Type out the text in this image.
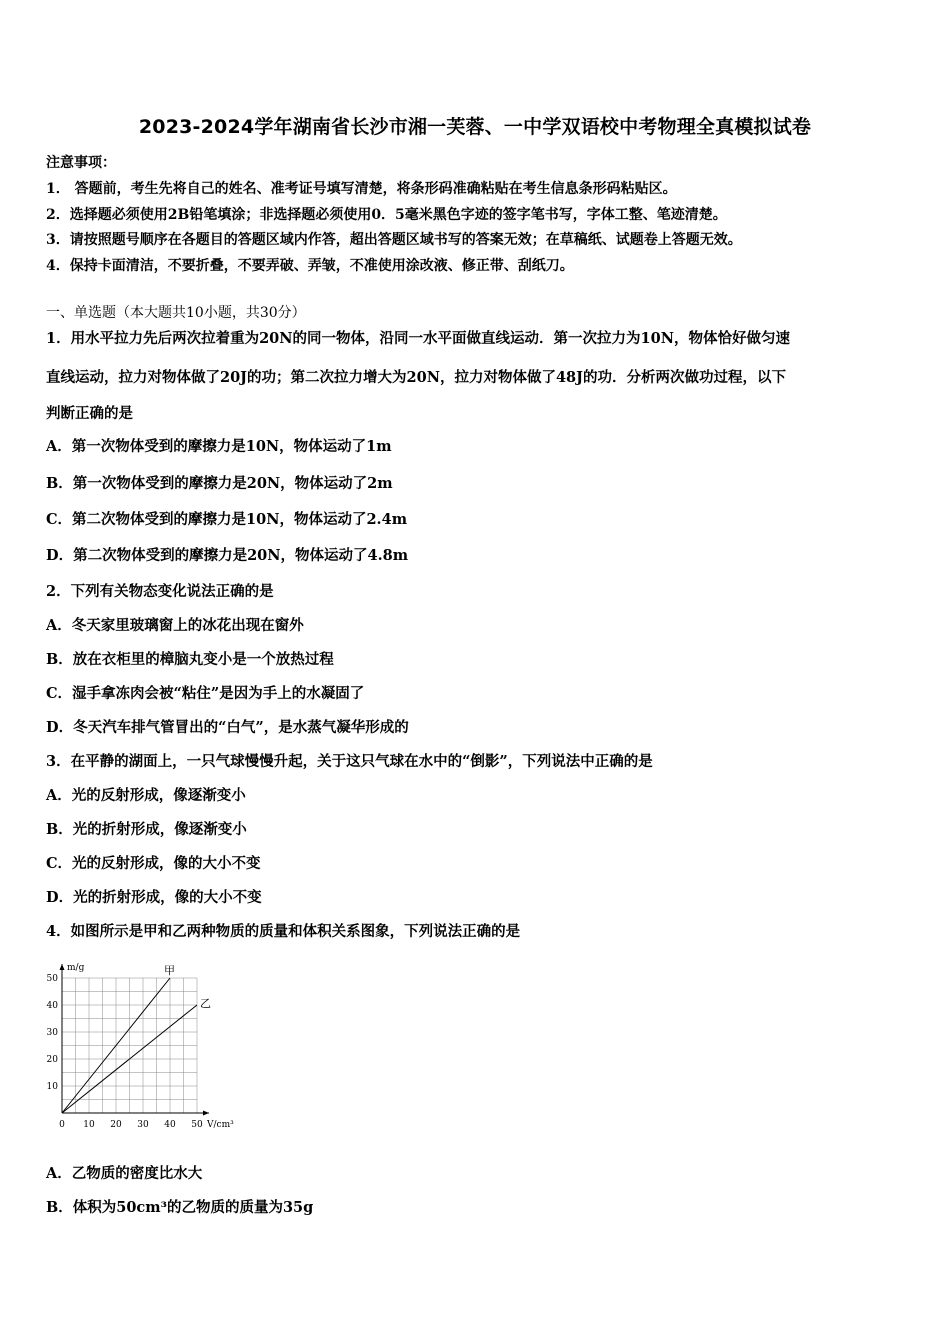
2023-2024学年湖南省长沙市湘一芙蓉、一中学双语校中考物理全真模拟试卷
注意事项：
1． 答题前，考生先将自己的姓名、准考证号填写清楚，将条形码准确粘贴在考生信息条形码粘贴区。
2．选择题必须使用2B铅笔填涂；非选择题必须使用0．5毫米黑色字迹的签字笔书写，字体工整、笔迹清楚。
3．请按照题号顺序在各题目的答题区域内作答，超出答题区域书写的答案无效；在草稿纸、试题卷上答题无效。
4．保持卡面清洁，不要折叠，不要弄破、弄皱，不准使用涂改液、修正带、刮纸刀。
一、单选题（本大题共10小题，共30分）
1．用水平拉力先后两次拉着重为20N的同一物体，沿同一水平面做直线运动．第一次拉力为10N，物体恰好做匀速
直线运动，拉力对物体做了20J的功；第二次拉力增大为20N，拉力对物体做了48J的功．分析两次做功过程，以下
判断正确的是
A．第一次物体受到的摩擦力是10N，物体运动了1m
B．第一次物体受到的摩擦力是20N，物体运动了2m
C．第二次物体受到的摩擦力是10N，物体运动了2.4m
D．第二次物体受到的摩擦力是20N，物体运动了4.8m
2．下列有关物态变化说法正确的是
A．冬天家里玻璃窗上的冰花出现在窗外
B．放在衣柜里的樟脑丸变小是一个放热过程
C．湿手拿冻肉会被“粘住”是因为手上的水凝固了
D．冬天汽车排气管冒出的“白气”，是水蒸气凝华形成的
3．在平静的湖面上，一只气球慢慢升起，关于这只气球在水中的“倒影”，下列说法中正确的是
A．光的反射形成，像逐渐变小
B．光的折射形成，像逐渐变小
C．光的反射形成，像的大小不变
D．光的折射形成，像的大小不变
4．如图所示是甲和乙两种物质的质量和体积关系图象，下列说法正确的是
甲
乙
0 10 20 30 40 50
10
20
30
40
50
m/g
V/cm³
A．乙物质的密度比水大
B．体积为50cm³的乙物质的质量为35g
